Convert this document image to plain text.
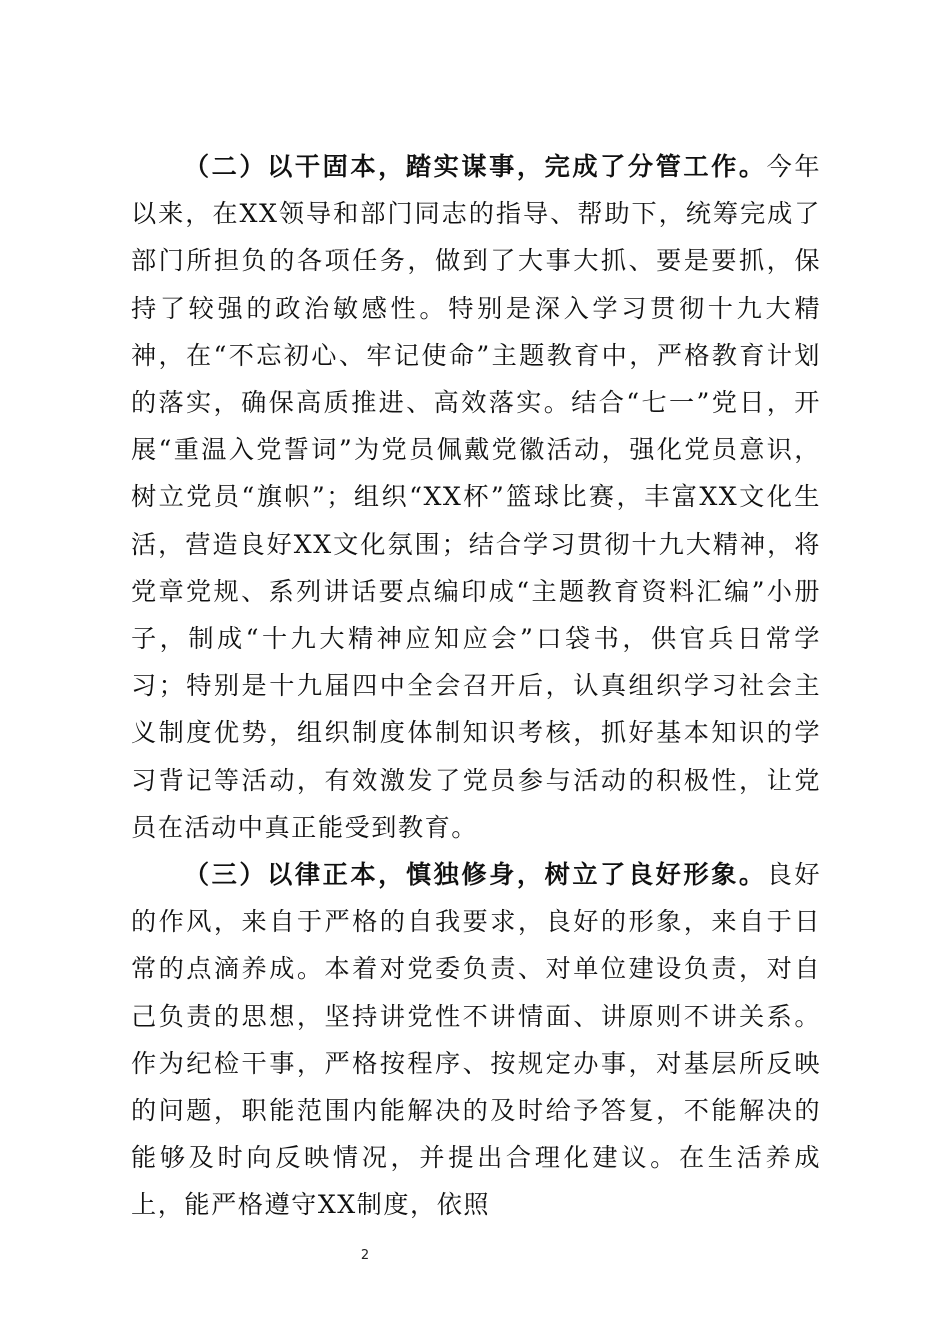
（二）以干固本，踏实谋事，完成了分管工作。今年以来，在XX领导和部门同志的指导、帮助下，统筹完成了部门所担负的各项任务，做到了大事大抓、要是要抓，保持了较强的政治敏感性。特别是深入学习贯彻十九大精神，在“不忘初心、牢记使命”主题教育中，严格教育计划的落实，确保高质推进、高效落实。结合“七一”党日，开展“重温入党誓词”为党员佩戴党徽活动，强化党员意识，树立党员“旗帜”；组织“XX杯”篮球比赛，丰富XX文化生活，营造良好XX文化氛围；结合学习贯彻十九大精神，将党章党规、系列讲话要点编印成“主题教育资料汇编”小册子，制成“十九大精神应知应会”口袋书，供官兵日常学习；特别是十九届四中全会召开后，认真组织学习社会主义制度优势，组织制度体制知识考核，抓好基本知识的学习背记等活动，有效激发了党员参与活动的积极性，让党员在活动中真正能受到教育。

（三）以律正本，慎独修身，树立了良好形象。良好的作风，来自于严格的自我要求，良好的形象，来自于日常的点滴养成。本着对党委负责、对单位建设负责，对自己负责的思想，坚持讲党性不讲情面、讲原则不讲关系。作为纪检干事，严格按程序、按规定办事，对基层所反映的问题，职能范围内能解决的及时给予答复，不能解决的能够及时向反映情况，并提出合理化建议。在生活养成上，能严格遵守XX制度，依照

2
